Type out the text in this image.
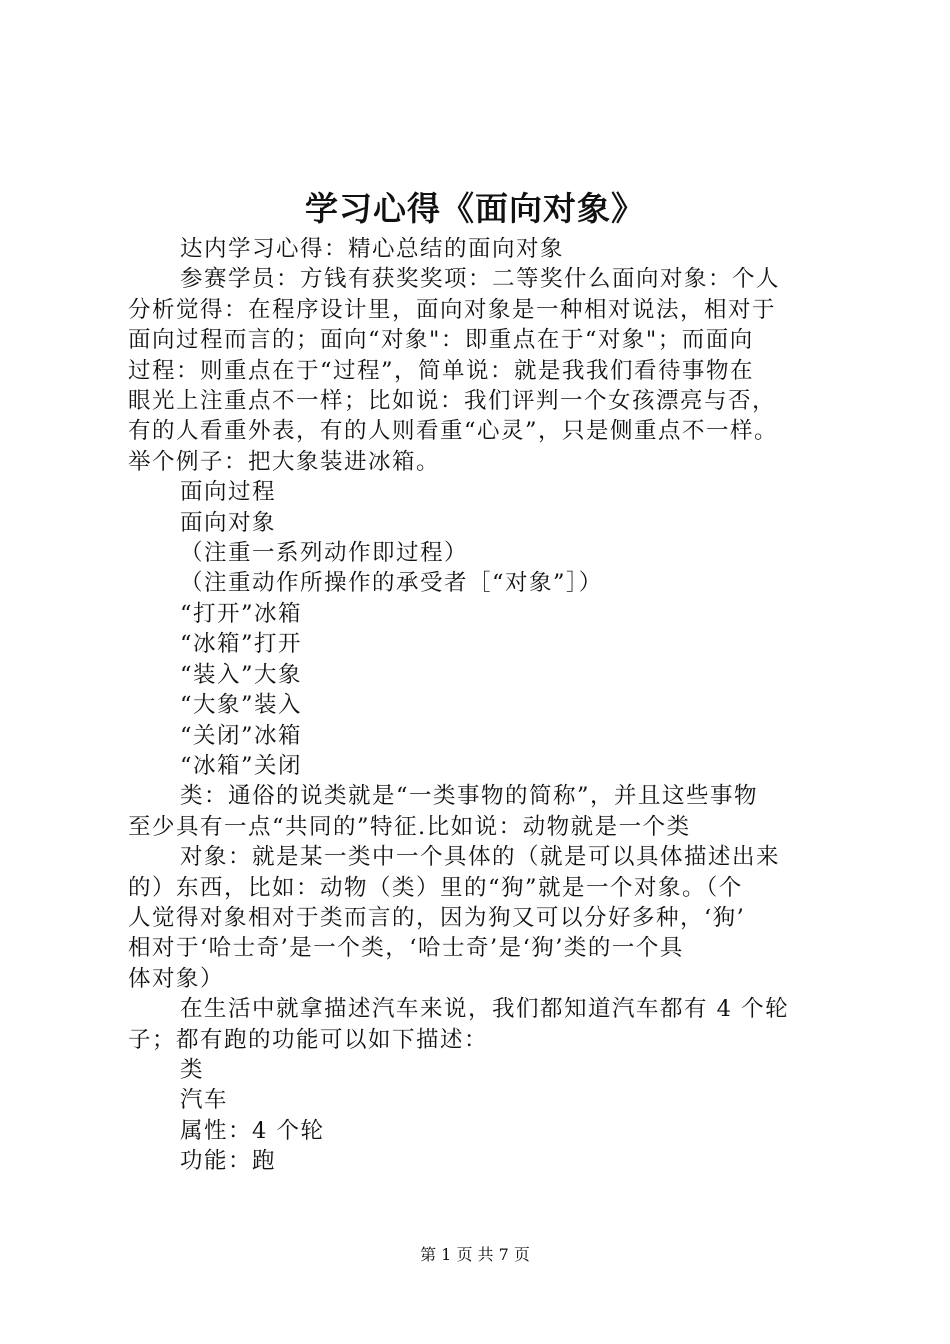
学习心得《面向对象》

达内学习心得：精心总结的面向对象

参赛学员：方钱有获奖奖项：二等奖什么面向对象：个人

分析觉得：在程序设计里，面向对象是一种相对说法，相对于

面向过程而言的；面向“对象"：即重点在于“对象"；而面向

过程：则重点在于“过程”，简单说：就是我我们看待事物在

眼光上注重点不一样；比如说：我们评判一个女孩漂亮与否，

有的人看重外表，有的人则看重“心灵”，只是侧重点不一样。

举个例子：把大象装进冰箱。

面向过程

面向对象

（注重一系列动作即过程）

（注重动作所操作的承受者［“对象”］）

“打开”冰箱

“冰箱”打开

“装入”大象

“大象”装入

“关闭”冰箱

“冰箱”关闭

类：通俗的说类就是“一类事物的简称”，并且这些事物

至少具有一点“共同的”特征.比如说：动物就是一个类

对象：就是某一类中一个具体的（就是可以具体描述出来

的）东西，比如：动物（类）里的“狗”就是一个对象。（个

人觉得对象相对于类而言的，因为狗又可以分好多种，‘狗’

相对于‘哈士奇’是一个类，‘哈士奇’是‘狗’类的一个具

体对象）

在生活中就拿描述汽车来说，我们都知道汽车都有 4 个轮

子；都有跑的功能可以如下描述：

类

汽车

属性：4 个轮

功能：跑

第 1 页 共 7 页
